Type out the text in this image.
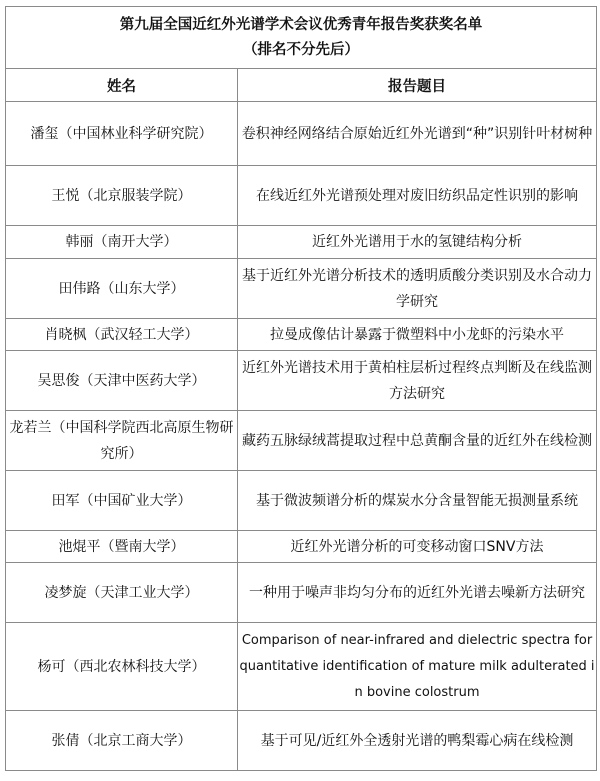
第九届全国近红外光谱学术会议优秀青年报告奖获奖名单
（排名不分先后）	

姓名	报告题目
潘玺（中国林业科学研究院）	卷积神经网络结合原始近红外光谱到“种”识别针叶材树种
王悦（北京服装学院）	在线近红外光谱预处理对废旧纺织品定性识别的影响
韩丽（南开大学）	近红外光谱用于水的氢键结构分析
田伟路（山东大学）	基于近红外光谱分析技术的透明质酸分类识别及水合动力学研究
肖晓枫（武汉轻工大学）	拉曼成像估计暴露于微塑料中小龙虾的污染水平
吴思俊（天津中医药大学）	近红外光谱技术用于黄柏柱层析过程终点判断及在线监测方法研究
龙若兰（中国科学院西北高原生物研究所）	藏药五脉绿绒蒿提取过程中总黄酮含量的近红外在线检测
田军（中国矿业大学）	基于微波频谱分析的煤炭水分含量智能无损测量系统
池焜平（暨南大学）	近红外光谱分析的可变移动窗口SNV方法
凌梦旋（天津工业大学）	一种用于噪声非均匀分布的近红外光谱去噪新方法研究
杨可（西北农林科技大学）	Comparison of near-infrared and dielectric spectra for quantitative identification of mature milk adulterated in bovine colostrum
张倩（北京工商大学）	基于可见/近红外全透射光谱的鸭梨霉心病在线检测
